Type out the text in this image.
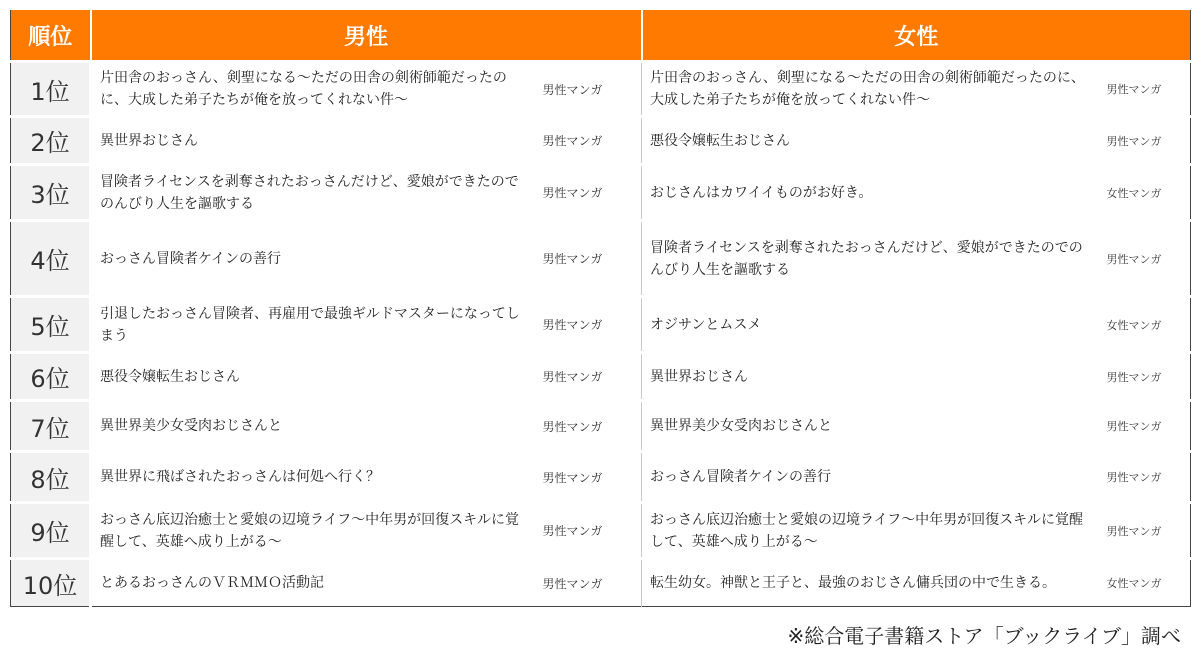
順位	男性		女性	
1位	片田舎のおっさん、剣聖になる〜ただの田舎の剣術師範だったのに、大成した弟子たちが俺を放ってくれない件〜	男性マンガ	片田舎のおっさん、剣聖になる〜ただの田舎の剣術師範だったのに、大成した弟子たちが俺を放ってくれない件〜	男性マンガ
2位	異世界おじさん	男性マンガ	悪役令嬢転生おじさん	男性マンガ
3位	冒険者ライセンスを剥奪されたおっさんだけど、愛娘ができたのでのんびり人生を謳歌する	男性マンガ	おじさんはカワイイものがお好き。	女性マンガ
4位	おっさん冒険者ケインの善行	男性マンガ	冒険者ライセンスを剥奪されたおっさんだけど、愛娘ができたのでのんびり人生を謳歌する	男性マンガ
5位	引退したおっさん冒険者、再雇用で最強ギルドマスターになってしまう	男性マンガ	オジサンとムスメ	女性マンガ
6位	悪役令嬢転生おじさん	男性マンガ	異世界おじさん	男性マンガ
7位	異世界美少女受肉おじさんと	男性マンガ	異世界美少女受肉おじさんと	男性マンガ
8位	異世界に飛ばされたおっさんは何処へ行く？	男性マンガ	おっさん冒険者ケインの善行	男性マンガ
9位	おっさん底辺治癒士と愛娘の辺境ライフ〜中年男が回復スキルに覚醒して、英雄へ成り上がる〜	男性マンガ	おっさん底辺治癒士と愛娘の辺境ライフ〜中年男が回復スキルに覚醒して、英雄へ成り上がる〜	男性マンガ
10位	とあるおっさんのＶＲＭＭＯ活動記	男性マンガ	転生幼女。神獣と王子と、最強のおじさん傭兵団の中で生きる。	女性マンガ
※総合電子書籍ストア「ブックライブ」調べ
